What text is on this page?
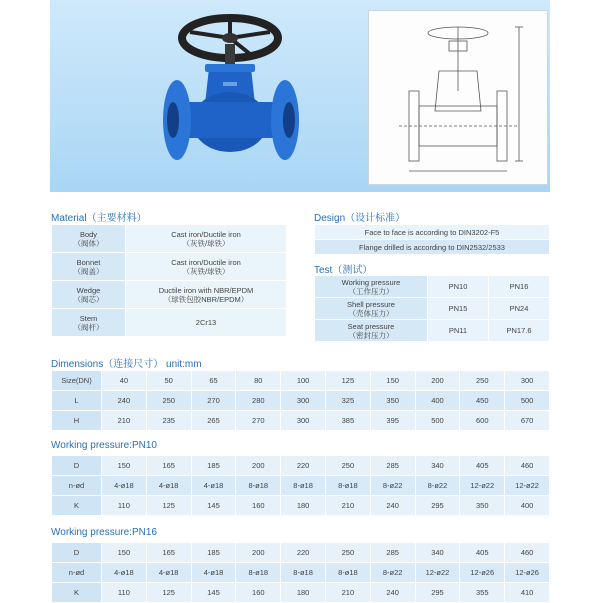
Material（主要材料）
Body
（阀体）	Cast iron/Ductile iron
（灰铁/球铁）
Bonnet
（阀盖）	Cast iron/Ductile iron
（灰铁/球铁）
Wedge
（阀芯）	Ductile iron with NBR/EPDM
（球铁包胶NBR/EPDM）
Stem
（阀杆）	2Cr13
Design（设计标准）
Face to face is according to DIN3202-F5
Flange drilled is according to DIN2532/2533
Test（测试）
Working pressure
（工作压力）	PN10	PN16
Shell pressure
（壳体压力）	PN15	PN24
Seat pressure
（密封压力）	PN11	PN17.6
Dimensions（连接尺寸） unit:mm
Size(DN)	40	50	65	80	100	125	150	200	250	300
L	240	250	270	280	300	325	350	400	450	500
H	210	235	265	270	300	385	395	500	600	670
Working pressure:PN10
D	150	165	185	200	220	250	285	340	405	460
n-ød	4-ø18	4-ø18	4-ø18	8-ø18	8-ø18	8-ø18	8-ø22	8-ø22	12-ø22	12-ø22
K	110	125	145	160	180	210	240	295	350	400
Working pressure:PN16
D	150	165	185	200	220	250	285	340	405	460
n-ød	4-ø18	4-ø18	4-ø18	8-ø18	8-ø18	8-ø18	8-ø22	12-ø22	12-ø26	12-ø26
K	110	125	145	160	180	210	240	295	355	410
